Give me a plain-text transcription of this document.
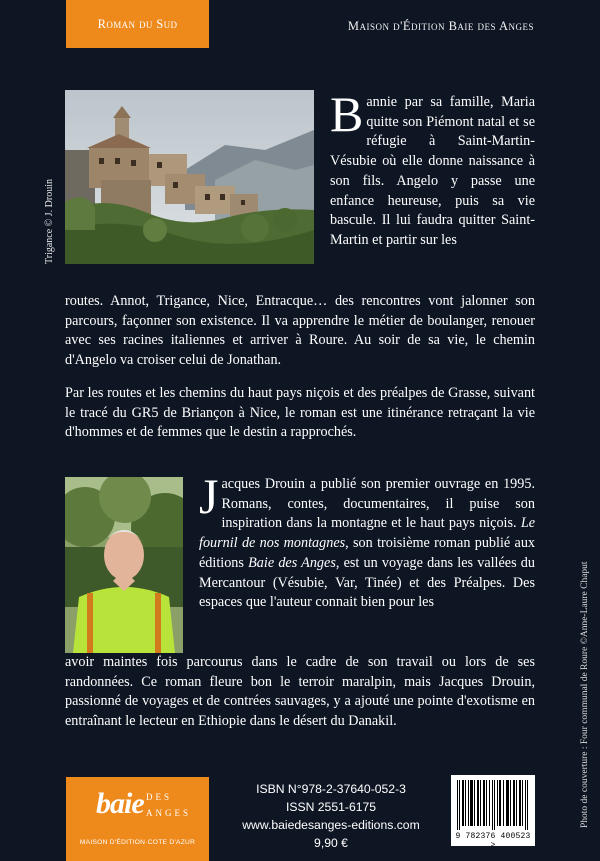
Roman du Sud	Maison d'Édition Baie des Anges
Trigance © J. Drouin

Bannie par sa famille, Maria quitte son Piémont natal et se réfugie à Saint-Martin-Vésubie où elle donne naissance à son fils. Angelo y passe une enfance heureuse, puis sa vie bascule. Il lui faudra quitter Saint-Martin et partir sur les

routes. Annot, Trigance, Nice, Entracque… des rencontres vont jalonner son parcours, façonner son existence. Il va apprendre le métier de boulanger, renouer avec ses racines italiennes et arriver à Roure. Au soir de sa vie, le chemin d'Angelo va croiser celui de Jonathan.

Par les routes et les chemins du haut pays niçois et des préalpes de Grasse, suivant le tracé du GR5 de Briançon à Nice, le roman est une itinérance retraçant la vie d'hommes et de femmes que le destin a rapprochés.

Jacques Drouin a publié son premier ouvrage en 1995. Romans, contes, documentaires, il puise son inspiration dans la montagne et le haut pays niçois. Le fournil de nos montagnes, son troisième roman publié aux éditions Baie des Anges, est un voyage dans les vallées du Mercantour (Vésubie, Var, Tinée) et des Préalpes. Des espaces que l'auteur connait bien pour les

avoir maintes fois parcourus dans le cadre de son travail ou lors de ses randonnées. Ce roman fleure bon le terroir maralpin, mais Jacques Drouin, passionné de voyages et de contrées sauvages, y a ajouté une pointe d'exotisme en entraînant le lecteur en Ethiopie dans le désert du Danakil.	Photo de couverture : Four communal de Roure ©Anne-Laure Chaput
baie DES
ANGES
MAISON D'ÉDITION·COTE D'AZUR
ISBN N°978-2-37640-052-3
ISSN 2551-6175
www.baiedesanges-editions.com
9,90 €	9 782376 400523 >
